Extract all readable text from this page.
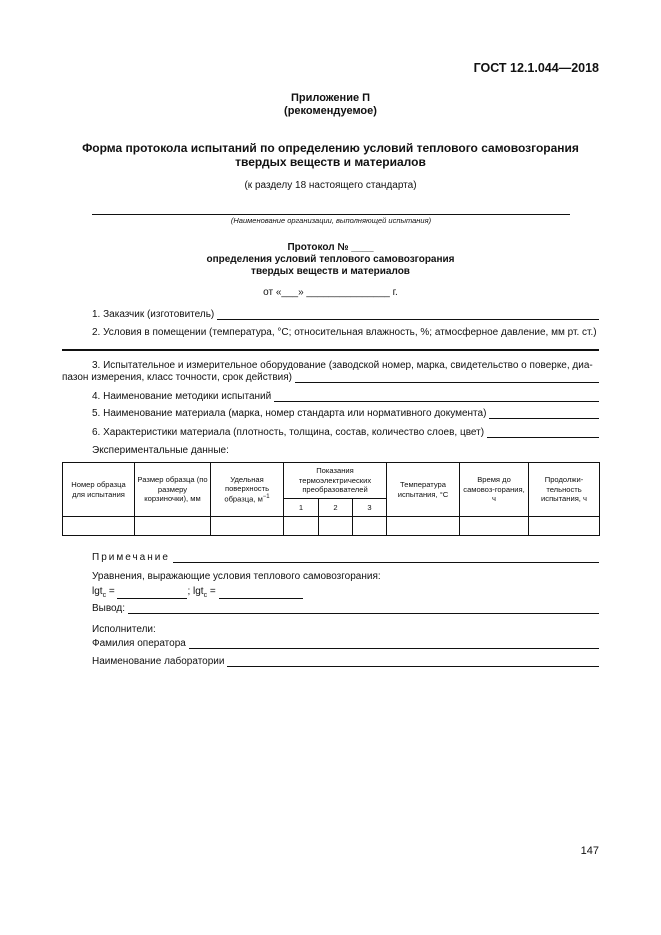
ГОСТ 12.1.044—2018
Приложение П
(рекомендуемое)
Форма протокола испытаний по определению условий теплового самовозгорания
твердых веществ и материалов
(к разделу 18 настоящего стандарта)
(Наименование организации, выполняющей испытания)
Протокол № ____
определения условий теплового самовозгорания
твердых веществ и материалов
от «___» _______________ г.
1. Заказчик (изготовитель)
2. Условия в помещении (температура, °С; относительная влажность, %; атмосферное давление, мм рт. ст.)
3. Испытательное и измерительное оборудование (заводской номер, марка, свидетельство о поверке, диа-
пазон измерения, класс точности, срок действия)
4. Наименование методики испытаний
5. Наименование материала (марка, номер стандарта или нормативного документа)
6. Характеристики материала (плотность, толщина, состав, количество слоев, цвет)
Экспериментальные данные:
Номер образца для испытания	Размер образца (по размеру корзиночки), мм	Удельная поверхность образца, $м^{-1}$	Показания термоэлектрических преобразователей			Температура испытания, °С	Время до самовоз-горания, ч	Продолжи-тельность испытания, ч
			1	2	3			

Примечание
Уравнения, выражающие условия теплового самовозгорания:
lgt$_c$ =	; lgt$_c$ =
Вывод:
Исполнители:
Фамилия оператора
Наименование лаборатории
147
